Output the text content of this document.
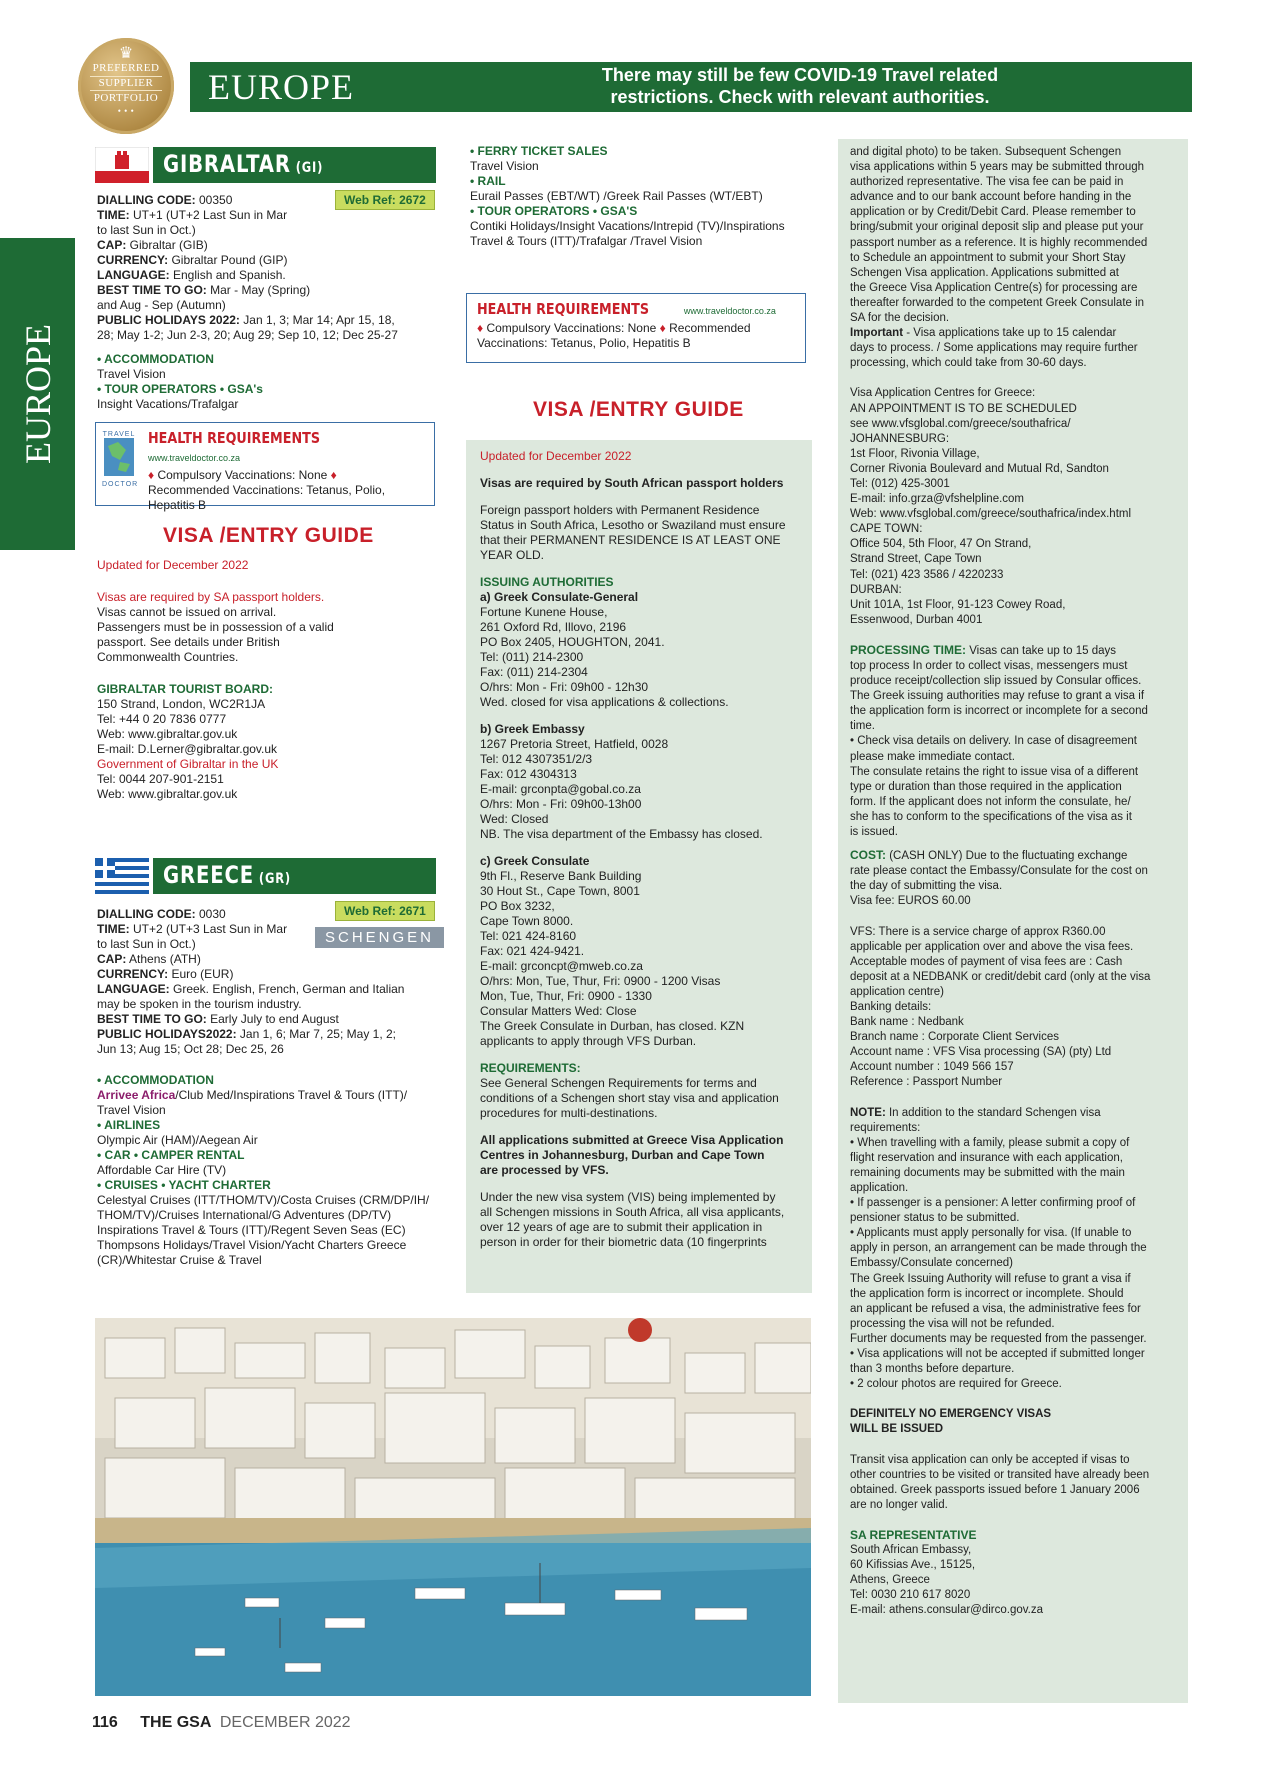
♛
PREFERRED
SUPPLIER
PORTFOLIO
• • •
EUROPE	There may still be few COVID-19 Travel related
restrictions. Check with relevant authorities.
EUROPE
GIBRALTAR (GI)
Web Ref: 2672
DIALLING CODE: 00350
TIME: UT+1 (UT+2 Last Sun in Mar
to last Sun in Oct.)
CAP: Gibraltar (GIB)
CURRENCY: Gibraltar Pound (GIP)
LANGUAGE: English and Spanish.
BEST TIME TO GO: Mar - May (Spring)
and Aug - Sep (Autumn)
PUBLIC HOLIDAYS 2022: Jan 1, 3; Mar 14; Apr 15, 18,
28; May 1-2; Jun 2-3, 20; Aug 29; Sep 10, 12; Dec 25-27
• ACCOMMODATION
Travel Vision
• TOUR OPERATORS • GSA's
Insight Vacations/Trafalgar
TRAVEL
DOCTOR
HEALTH REQUIREMENTS www.traveldoctor.co.za
♦ Compulsory Vaccinations: None ♦
Recommended Vaccinations: Tetanus, Polio,
Hepatitis B
VISA /ENTRY GUIDE
Updated for December 2022
Visas are required by SA passport holders.
Visas cannot be issued on arrival.
Passengers must be in possession of a valid
passport. See details under British
Commonwealth Countries.
GIBRALTAR TOURIST BOARD:
150 Strand, London, WC2R1JA
Tel: +44 0 20 7836 0777
Web: www.gibraltar.gov.uk
E-mail: D.Lerner@gibraltar.gov.uk
Government of Gibraltar in the UK
Tel: 0044 207-901-2151
Web: www.gibraltar.gov.uk
GREECE (GR)
Web Ref: 2671
SCHENGEN
DIALLING CODE: 0030
TIME: UT+2 (UT+3 Last Sun in Mar
to last Sun in Oct.)
CAP: Athens (ATH)
CURRENCY: Euro (EUR)
LANGUAGE: Greek. English, French, German and Italian
may be spoken in the tourism industry.
BEST TIME TO GO: Early July to end August
PUBLIC HOLIDAYS2022: Jan 1, 6; Mar 7, 25; May 1, 2;
Jun 13; Aug 15; Oct 28; Dec 25, 26
• ACCOMMODATION
Arrivee Africa/Club Med/Inspirations Travel & Tours (ITT)/
Travel Vision
• AIRLINES
Olympic Air (HAM)/Aegean Air
• CAR • CAMPER RENTAL
Affordable Car Hire (TV)
• CRUISES • YACHT CHARTER
Celestyal Cruises (ITT/THOM/TV)/Costa Cruises (CRM/DP/IH/
THOM/TV)/Cruises International/G Adventures (DP/TV)
Inspirations Travel & Tours (ITT)/Regent Seven Seas (EC)
Thompsons Holidays/Travel Vision/Yacht Charters Greece
(CR)/Whitestar Cruise & Travel
• FERRY TICKET SALES
Travel Vision
• RAIL
Eurail Passes (EBT/WT) /Greek Rail Passes (WT/EBT)
• TOUR OPERATORS • GSA'S
Contiki Holidays/Insight Vacations/Intrepid (TV)/Inspirations
Travel & Tours (ITT)/Trafalgar /Travel Vision
HEALTH REQUIREMENTS	www.traveldoctor.co.za
♦ Compulsory Vaccinations: None ♦ Recommended
Vaccinations: Tetanus, Polio, Hepatitis B
VISA /ENTRY GUIDE
Updated for December 2022
Visas are required by South African passport holders
Foreign passport holders with Permanent Residence
Status in South Africa, Lesotho or Swaziland must ensure
that their PERMANENT RESIDENCE IS AT LEAST ONE
YEAR OLD.
ISSUING AUTHORITIES
a) Greek Consulate-General
Fortune Kunene House,
261 Oxford Rd, Illovo, 2196
PO Box 2405, HOUGHTON, 2041.
Tel: (011) 214-2300
Fax: (011) 214-2304
O/hrs: Mon - Fri: 09h00 - 12h30
Wed. closed for visa applications & collections.
b) Greek Embassy
1267 Pretoria Street, Hatfield, 0028
Tel: 012 4307351/2/3
Fax: 012 4304313
E-mail: grconpta@gobal.co.za
O/hrs: Mon - Fri: 09h00-13h00
Wed: Closed
NB. The visa department of the Embassy has closed.
c) Greek Consulate
9th Fl., Reserve Bank Building
30 Hout St., Cape Town, 8001
PO Box 3232,
Cape Town 8000.
Tel: 021 424-8160
Fax: 021 424-9421.
E-mail: grconcpt@mweb.co.za
O/hrs: Mon, Tue, Thur, Fri: 0900 - 1200 Visas
Mon, Tue, Thur, Fri: 0900 - 1330
Consular Matters Wed: Close
The Greek Consulate in Durban, has closed. KZN
applicants to apply through VFS Durban.
REQUIREMENTS:
See General Schengen Requirements for terms and
conditions of a Schengen short stay visa and application
procedures for multi-destinations.
All applications submitted at Greece Visa Application
Centres in Johannesburg, Durban and Cape Town
are processed by VFS.
Under the new visa system (VIS) being implemented by
all Schengen missions in South Africa, all visa applicants,
over 12 years of age are to submit their application in
person in order for their biometric data (10 fingerprints
and digital photo) to be taken. Subsequent Schengen
visa applications within 5 years may be submitted through
authorized representative. The visa fee can be paid in
advance and to our bank account before handing in the
application or by Credit/Debit Card. Please remember to
bring/submit your original deposit slip and please put your
passport number as a reference. It is highly recommended
to Schedule an appointment to submit your Short Stay
Schengen Visa application. Applications submitted at
the Greece Visa Application Centre(s) for processing are
thereafter forwarded to the competent Greek Consulate in
SA for the decision.
Important - Visa applications take up to 15 calendar
days to process. / Some applications may require further
processing, which could take from 30-60 days.
Visa Application Centres for Greece:
AN APPOINTMENT IS TO BE SCHEDULED
see www.vfsglobal.com/greece/southafrica/
JOHANNESBURG:
1st Floor, Rivonia Village,
Corner Rivonia Boulevard and Mutual Rd, Sandton
Tel: (012) 425-3001
E-mail: info.grza@vfshelpline.com
Web: www.vfsglobal.com/greece/southafrica/index.html
CAPE TOWN:
Office 504, 5th Floor, 47 On Strand,
Strand Street, Cape Town
Tel: (021) 423 3586 / 4220233
DURBAN:
Unit 101A, 1st Floor, 91-123 Cowey Road,
Essenwood, Durban 4001
PROCESSING TIME: Visas can take up to 15 days
top process In order to collect visas, messengers must
produce receipt/collection slip issued by Consular offices.
The Greek issuing authorities may refuse to grant a visa if
the application form is incorrect or incomplete for a second
time.
• Check visa details on delivery. In case of disagreement
please make immediate contact.
The consulate retains the right to issue visa of a different
type or duration than those required in the application
form. If the applicant does not inform the consulate, he/
she has to conform to the specifications of the visa as it
is issued.
COST: (CASH ONLY) Due to the fluctuating exchange
rate please contact the Embassy/Consulate for the cost on
the day of submitting the visa.
Visa fee: EUROS 60.00
VFS: There is a service charge of approx R360.00
applicable per application over and above the visa fees.
Acceptable modes of payment of visa fees are : Cash
deposit at a NEDBANK or credit/debit card (only at the visa
application centre)
Banking details:
Bank name : Nedbank
Branch name : Corporate Client Services
Account name : VFS Visa processing (SA) (pty) Ltd
Account number : 1049 566 157
Reference : Passport Number
NOTE: In addition to the standard Schengen visa
requirements:
• When travelling with a family, please submit a copy of
flight reservation and insurance with each application,
remaining documents may be submitted with the main
application.
• If passenger is a pensioner: A letter confirming proof of
pensioner status to be submitted.
• Applicants must apply personally for visa. (If unable to
apply in person, an arrangement can be made through the
Embassy/Consulate concerned)
The Greek Issuing Authority will refuse to grant a visa if
the application form is incorrect or incomplete. Should
an applicant be refused a visa, the administrative fees for
processing the visa will not be refunded.
Further documents may be requested from the passenger.
• Visa applications will not be accepted if submitted longer
than 3 months before departure.
• 2 colour photos are required for Greece.
DEFINITELY NO EMERGENCY VISAS
WILL BE ISSUED
Transit visa application can only be accepted if visas to
other countries to be visited or transited have already been
obtained. Greek passports issued before 1 January 2006
are no longer valid.
SA REPRESENTATIVE
South African Embassy,
60 Kifissias Ave., 15125,
Athens, Greece
Tel: 0030 210 617 8020
E-mail: athens.consular@dirco.gov.za
116 THE GSA DECEMBER 2022
